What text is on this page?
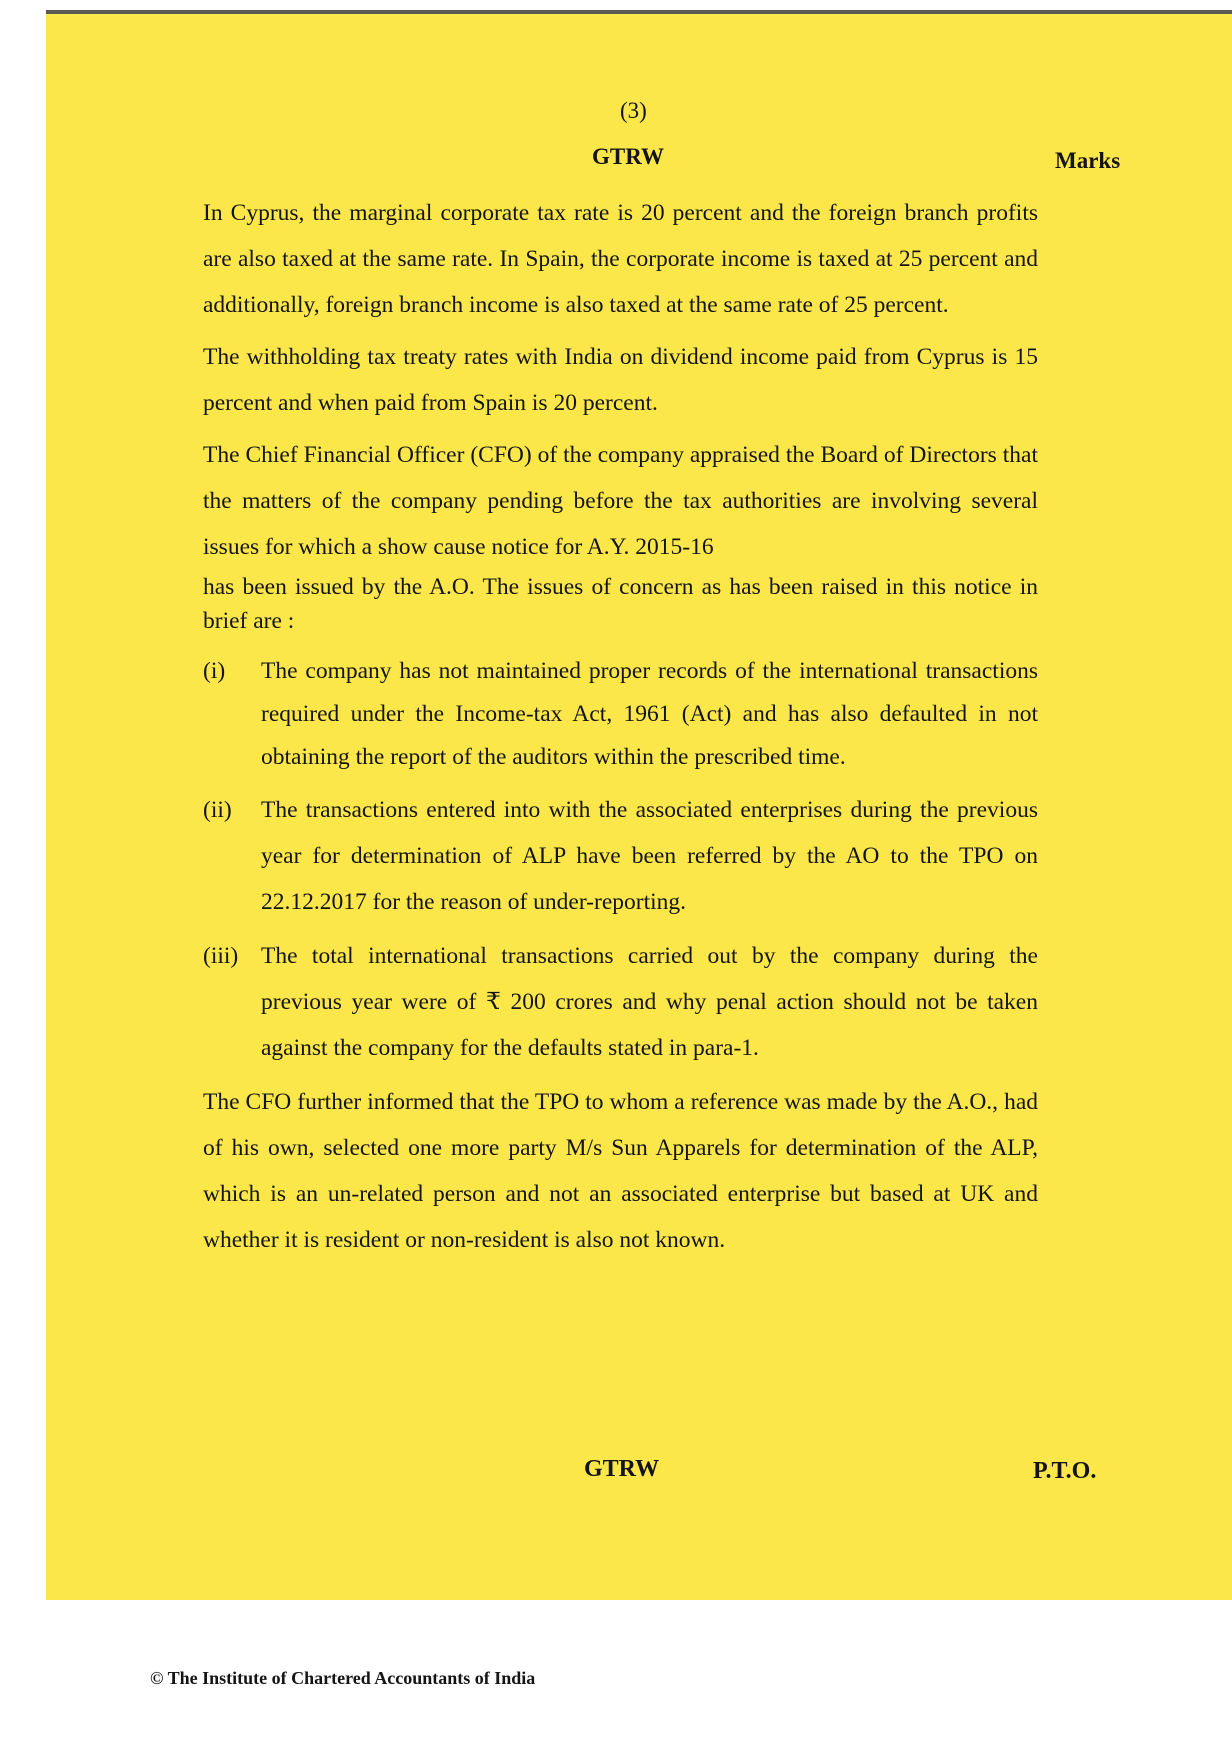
(3)
GTRW	Marks

In Cyprus, the marginal corporate tax rate is 20 percent and the foreign branch profits are also taxed at the same rate. In Spain, the corporate income is taxed at 25 percent and additionally, foreign branch income is also taxed at the same rate of 25 percent.

The withholding tax treaty rates with India on dividend income paid from Cyprus is 15 percent and when paid from Spain is 20 percent.

The Chief Financial Officer (CFO) of the company appraised the Board of Directors that the matters of the company pending before the tax authorities are involving several issues for which a show cause notice for A.Y. 2015-16

has been issued by the A.O. The issues of concern as has been raised in this notice in brief are :

(i) The company has not maintained proper records of the international transactions required under the Income-tax Act, 1961 (Act) and has also defaulted in not obtaining the report of the auditors within the prescribed time.
(ii) The transactions entered into with the associated enterprises during the previous year for determination of ALP have been referred by the AO to the TPO on 22.12.2017 for the reason of under-reporting.
(iii) The total international transactions carried out by the company during the previous year were of ₹ 200 crores and why penal action should not be taken against the company for the defaults stated in para-1.

The CFO further informed that the TPO to whom a reference was made by the A.O., had of his own, selected one more party M/s Sun Apparels for determination of the ALP, which is an un-related person and not an associated enterprise but based at UK and whether it is resident or non-resident is also not known.

GTRW	P.T.O.
© The Institute of Chartered Accountants of India
